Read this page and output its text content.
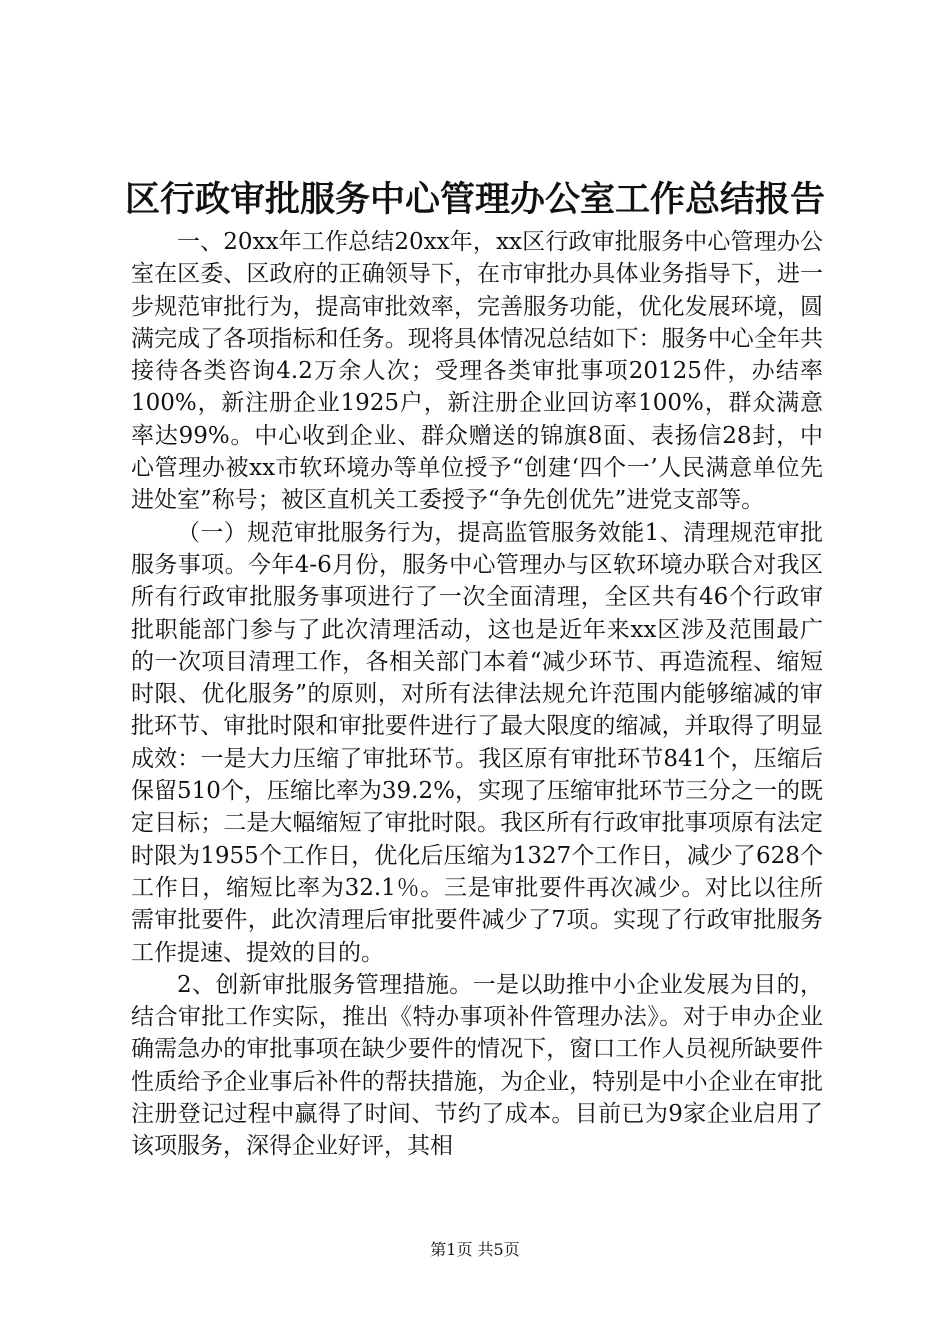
区行政审批服务中心管理办公室工作总结报告

一、20xx年工作总结20xx年，xx区行政审批服务中心管理办公室在区委、区政府的正确领导下，在市审批办具体业务指导下，进一步规范审批行为，提高审批效率，完善服务功能，优化发展环境，圆满完成了各项指标和任务。现将具体情况总结如下：服务中心全年共接待各类咨询4.2万余人次；受理各类审批事项20125件，办结率100%，新注册企业1925户，新注册企业回访率100%，群众满意率达99%。中心收到企业、群众赠送的锦旗8面、表扬信28封，中心管理办被xx市软环境办等单位授予“创建‘四个一’人民满意单位先进处室”称号；被区直机关工委授予“争先创优先”进党支部等。

（一）规范审批服务行为，提高监管服务效能1、清理规范审批服务事项。今年4-6月份，服务中心管理办与区软环境办联合对我区所有行政审批服务事项进行了一次全面清理，全区共有46个行政审批职能部门参与了此次清理活动，这也是近年来xx区涉及范围最广的一次项目清理工作，各相关部门本着“减少环节、再造流程、缩短时限、优化服务”的原则，对所有法律法规允许范围内能够缩减的审批环节、审批时限和审批要件进行了最大限度的缩减，并取得了明显成效：一是大力压缩了审批环节。我区原有审批环节841个，压缩后保留510个，压缩比率为39.2%，实现了压缩审批环节三分之一的既定目标；二是大幅缩短了审批时限。我区所有行政审批事项原有法定时限为1955个工作日，优化后压缩为1327个工作日，减少了628个工作日，缩短比率为32.1％。三是审批要件再次减少。对比以往所需审批要件，此次清理后审批要件减少了7项。实现了行政审批服务工作提速、提效的目的。

2、创新审批服务管理措施。一是以助推中小企业发展为目的，结合审批工作实际，推出《特办事项补件管理办法》。对于申办企业确需急办的审批事项在缺少要件的情况下，窗口工作人员视所缺要件性质给予企业事后补件的帮扶措施，为企业，特别是中小企业在审批注册登记过程中赢得了时间、节约了成本。目前已为9家企业启用了该项服务，深得企业好评，其相

第1页 共5页
